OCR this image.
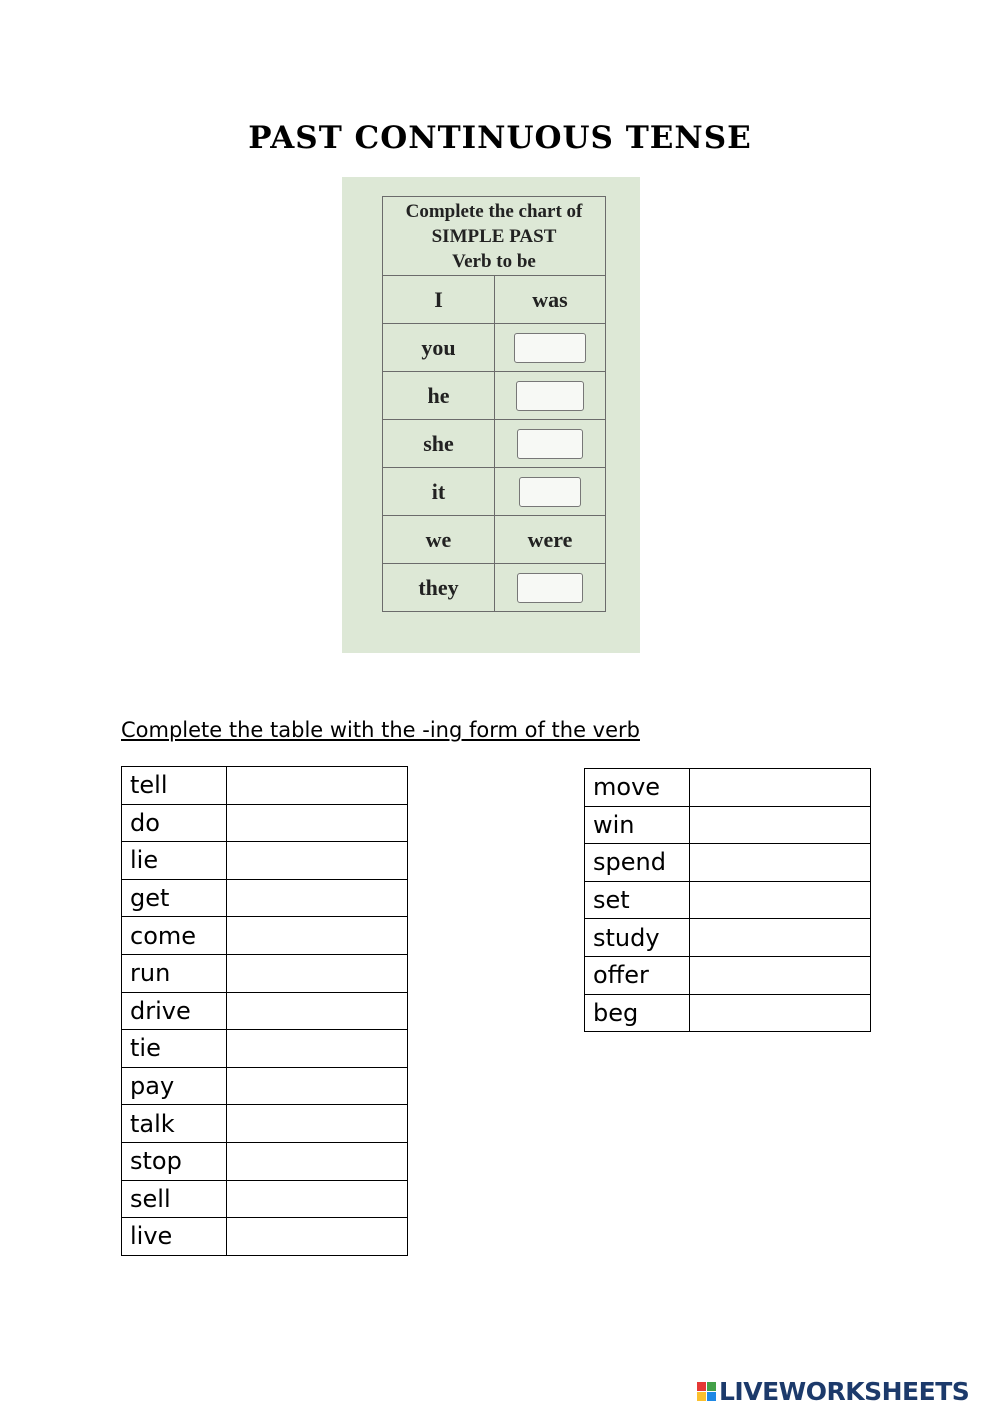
PAST CONTINUOUS TENSE
Complete the chart of
SIMPLE PAST
Verb to be	

I	was
you	
he	
she	
it	
we	were
they	
Complete the table with the -ing form of the verb
tell	
do	
lie	
get	
come	
run	
drive	
tie	
pay	
talk	
stop	
sell	
live	
move	
win	
spend	
set	
study	
offer	
beg	
LIVEWORKSHEETS
